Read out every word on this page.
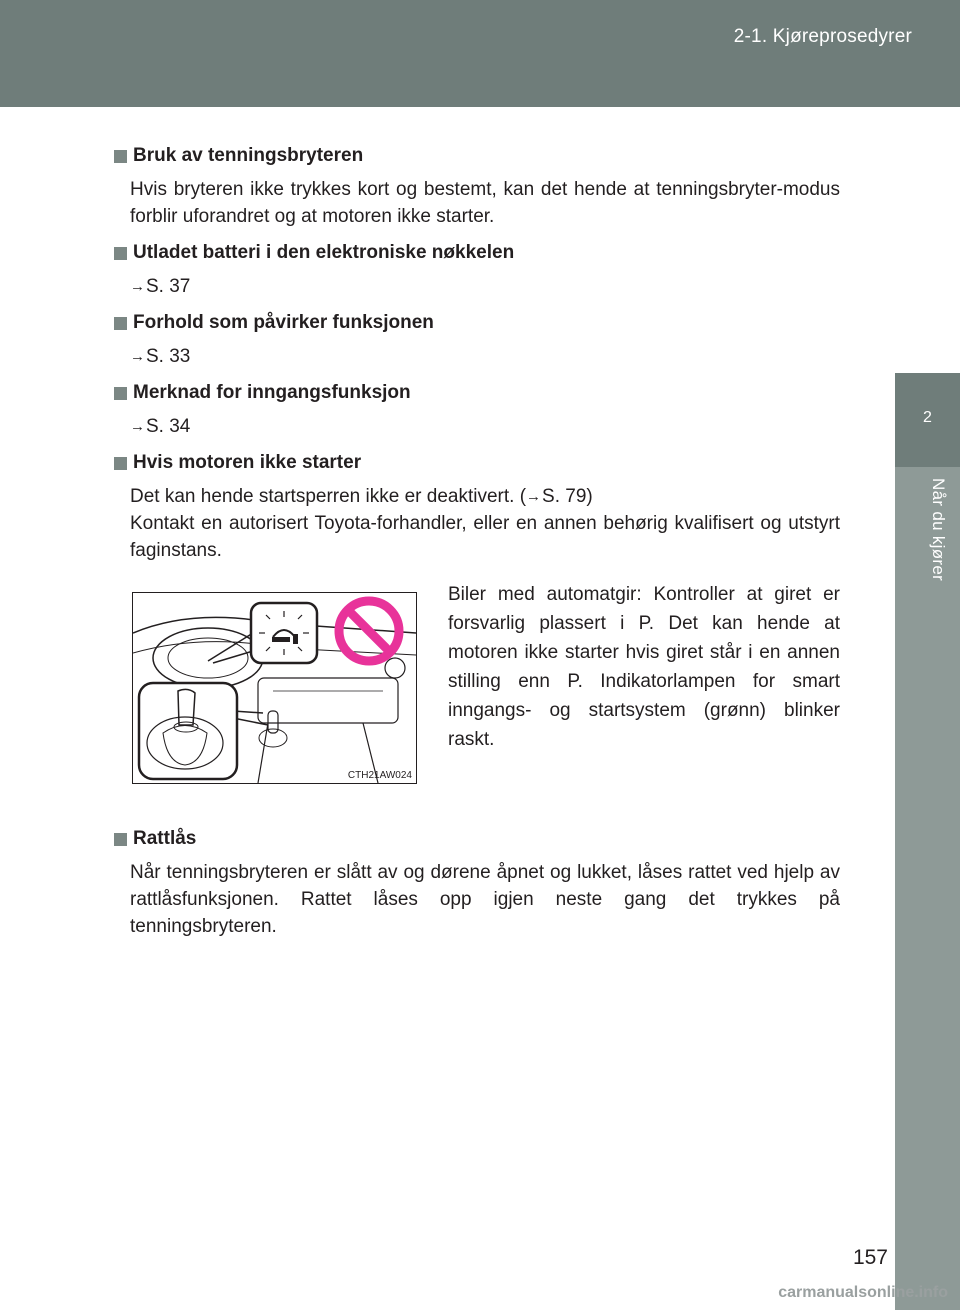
2-1. Kjøreprosedyrer
2
Når du kjører
Bruk av tenningsbryteren
Hvis bryteren ikke trykkes kort og bestemt, kan det hende at tenningsbryter-modus forblir uforandret og at motoren ikke starter.
Utladet batteri i den elektroniske nøkkelen
→S. 37
Forhold som påvirker funksjonen
→S. 33
Merknad for inngangsfunksjon
→S. 34
Hvis motoren ikke starter
Det kan hende startsperren ikke er deaktivert. (→S. 79)
Kontakt en autorisert Toyota-forhandler, eller en annen behørig kvalifisert og utstyrt faginstans.
CTH21AW024
Biler med automatgir: Kontroller at giret er forsvarlig plassert i P. Det kan hende at motoren ikke starter hvis giret står i en annen stilling enn P. Indikatorlampen for smart inngangs- og startsystem (grønn) blinker raskt.
Rattlås
Når tenningsbryteren er slått av og dørene åpnet og lukket, låses rattet ved hjelp av rattlåsfunksjonen. Rattet låses opp igjen neste gang det trykkes på tenningsbryteren.
157
carmanualsonline.info
